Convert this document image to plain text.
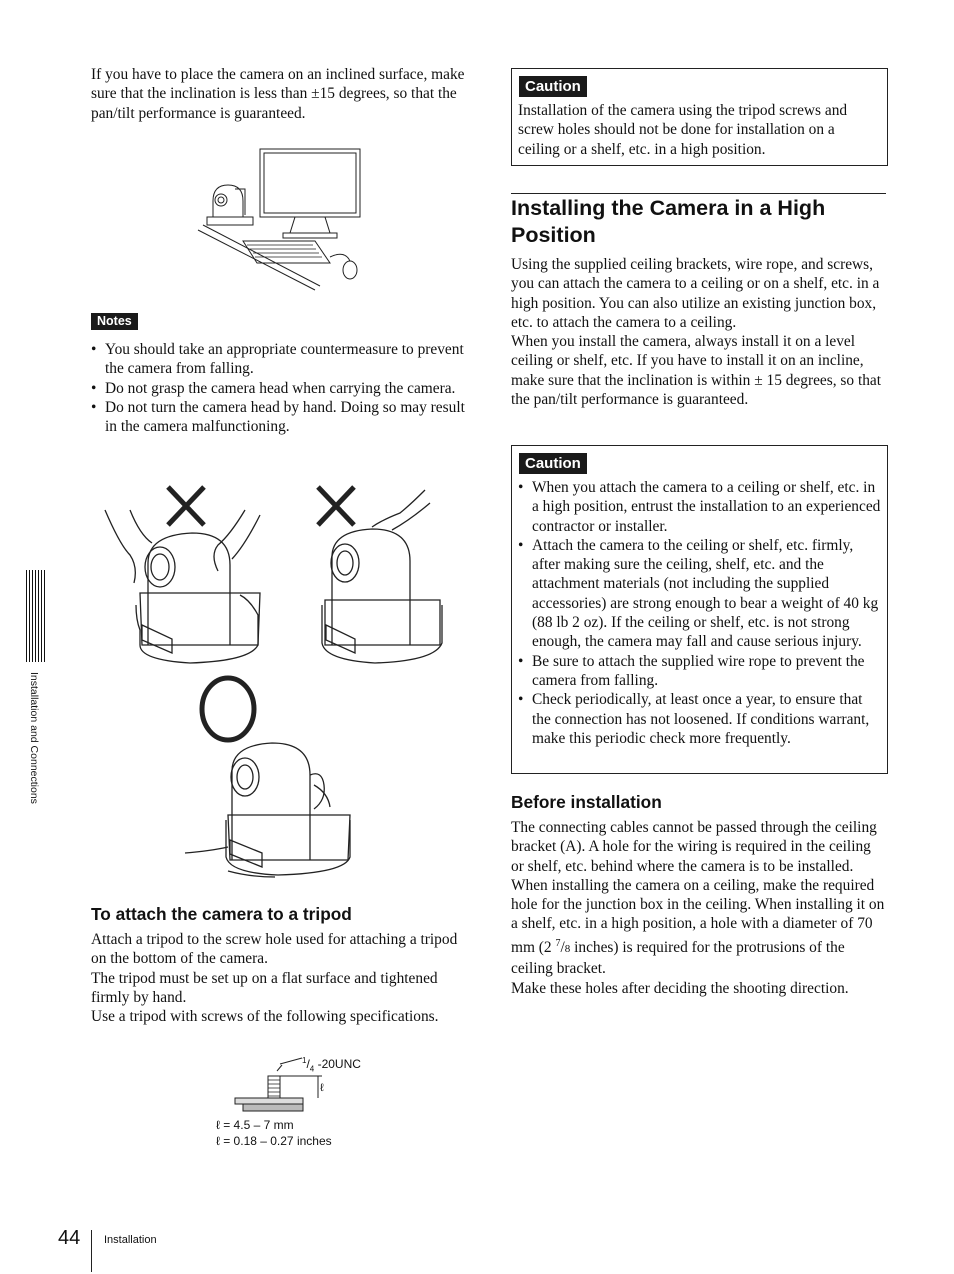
Installation and Connections

If you have to place the camera on an inclined surface, make sure that the inclination is less than ±15 degrees, so that the pan/tilt performance is guaranteed.

Notes
• You should take an appropriate countermeasure to prevent the camera from falling.
• Do not grasp the camera head when carrying the camera.
• Do not turn the camera head by hand. Doing so may result in the camera malfunctioning.
To attach the camera to a tripod

Attach a tripod to the screw hole used for attaching a tripod on the bottom of the camera.

The tripod must be set up on a flat surface and tightened firmly by hand.

Use a tripod with screws of the following specifications.

$^1/_4$ -20UNC
ℓ
ℓ = 4.5 – 7 mm
ℓ = 0.18 – 0.27 inches
Caution

Installation of the camera using the tripod screws and screw holes should not be done for installation on a ceiling or a shelf, etc. in a high position.

Installing the Camera in a High
Position

Using the supplied ceiling brackets, wire rope, and screws, you can attach the camera to a ceiling or on a shelf, etc. in a high position. You can also utilize an existing junction box, etc. to attach the camera to a ceiling.

When you install the camera, always install it on a level ceiling or shelf, etc. If you have to install it on an incline, make sure that the inclination is within ± 15 degrees, so that the pan/tilt performance is guaranteed.

Caution
• When you attach the camera to a ceiling or shelf, etc. in a high position, entrust the installation to an experienced contractor or installer.
• Attach the camera to the ceiling or shelf, etc. firmly, after making sure the ceiling, shelf, etc. and the attachment materials (not including the supplied accessories) are strong enough to bear a weight of 40 kg (88 lb 2 oz). If the ceiling or shelf, etc. is not strong enough, the camera may fall and cause serious injury.
• Be sure to attach the supplied wire rope to prevent the camera from falling.
• Check periodically, at least once a year, to ensure that the connection has not loosened. If conditions warrant, make this periodic check more frequently.
Before installation

The connecting cables cannot be passed through the ceiling bracket (A). A hole for the wiring is required in the ceiling or shelf, etc. behind where the camera is to be installed. When installing the camera on a ceiling, make the required hole for the junction box in the ceiling. When installing it on a shelf, etc. in a high position, a hole with a diameter of 70 mm (2 $^7$/8 inches) is required for the protrusions of the ceiling bracket.

Make these holes after deciding the shooting direction.

44 Installation
